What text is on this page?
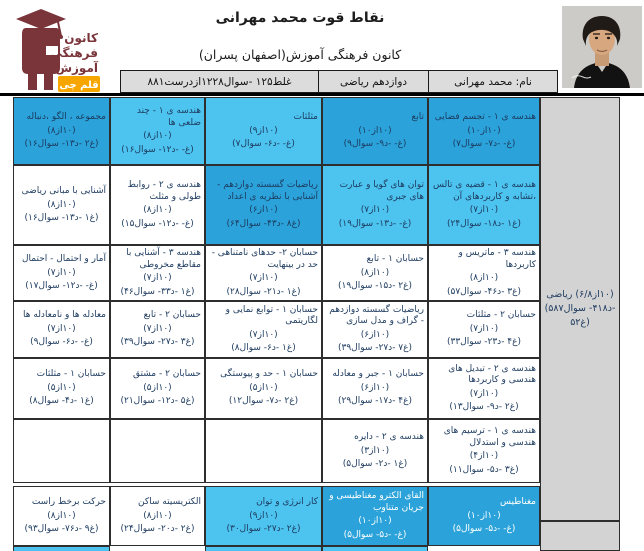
کانون
فرهنگی
آموزش
قلم چی
نقاط قوت محمد مهرانی
کانون فرهنگی آموزش(اصفهان پسران)
۸۸۱ درست از ۱۲۲۸ سوال - ۱۲۵ غلط	دوازدهم ریاضی	نام: محمد مهرانی
مجموعه ، الگو ،دنباله
(۸از۱۰)
(۱۶سوال -۱۳د- ۲غ)
هندسه ی ۱ - چند ضلعی ها
(۸از۱۰)
(۱۶سوال -۱۲د- -غ)
مثلثات
(۹از۱۰)
(۷سوال -۶د- -غ)
تابع
(۱۰از۱۰)
(۹سوال -۹د- -غ)
هندسه ی ۱ - تجسم فضایی
(۱۰از۱۰)
(۷سوال -۷د- -غ)
آشنایی با مبانی ریاضی
(۸از۱۰)
(۱۶سوال -۱۳د- ۱غ)
هندسه ی ۲ - روابط طولی و مثلث
(۸از۱۰)
(۱۵سوال -۱۲د- -غ)
ریاضیات گسسته دوازدهم - آشنایی با نظریه ی اعداد
(۶از۱۰)
(۶۴سوال -۴۳د- ۸غ)
توان های گویا و عبارت های جبری
(۷از۱۰)
(۱۹سوال -۱۳د- -غ)
هندسه ی ۱ - قضیه ی تالس ،تشابه و کاربردهای آن
(۷از۱۰)
(۲۴سوال -۱۸د- ۱غ)
آمار و احتمال - احتمال
(۷از۱۰)
(۱۷سوال -۱۲د- -غ)
هندسه ۳ - آشنایی با مقاطع مخروطی
(۷از۱۰)
(۴۶سوال -۳۳د- ۱غ)
حسابان ۲- حدهای نامتناهی - حد در بینهایت
(۷از۱۰)
(۲۸سوال -۲۱د- ۱غ)
حسابان ۱ - تابع
(۸از۱۰)
(۱۹سوال -۱۵د- ۲غ)
هندسه ۳ - ماتریس و کاربردها
(۸از۱۰)
(۵۷سوال -۴۶د- ۳غ)
معادله ها و نامعادله ها
(۷از۱۰)
(۹سوال -۶د- -غ)
حسابان ۲ - تابع
(۷از۱۰)
(۳۹سوال -۲۷د- ۳غ)
حسابان ۱ - توابع نمایی و لگاریتمی
(۷از۱۰)
(۸سوال -۶د- ۱غ)
ریاضیات گسسته دوازدهم - گراف و مدل سازی
(۶از۱۰)
(۳۹سوال -۲۷د- ۷غ)
حسابان ۲ - مثلثات
(۷از۱۰)
(۳۳سوال -۲۳د- ۴غ)
حسابان ۱ - مثلثات
(۵از۱۰)
(۸سوال -۴د- ۱غ)
حسابان ۲ - مشتق
(۵از۱۰)
(۲۱سوال -۱۲د- ۵غ)
حسابان ۱ - حد و پیوستگی
(۵از۱۰)
(۱۲سوال -۷د- ۲غ)
حسابان ۱ - جبر و معادله
(۶از۱۰)
(۲۹سوال -۱۷د- ۴غ)
هندسه ی ۲ - تبدیل های هندسی و کاربردها
(۷از۱۰)
(۱۳سوال -۹د- ۲غ)
هندسه ی ۲ - دایره
(۳از۱۰)
(۵سوال -۲د- ۱غ)
هندسه ی ۱ - ترسیم های هندسی و استدلال
(۴از۱۰)
(۱۱سوال -۵د- ۳غ)
حرکت برخط راست
(۸از۱۰)
(۹۳سوال -۷۶د- ۹غ)
الکتریسیته ساکن
(۸از۱۰)
(۲۴سوال -۲۰د- ۲غ)
کار انرژی و توان
(۹از۱۰)
(۳۰سوال -۲۷د- ۲غ)
القای الکترو مغناطیسی و جریان متناوب
(۱۰از۱۰)
(۵سوال -۵د- -غ)
مغناطیس
(۱۰از۱۰)
(۵سوال -۵د- -غ)
ریاضی (۶/۸از۱۰)
(۵۸۷سوال -۴۱۸د-
۵۲غ)
